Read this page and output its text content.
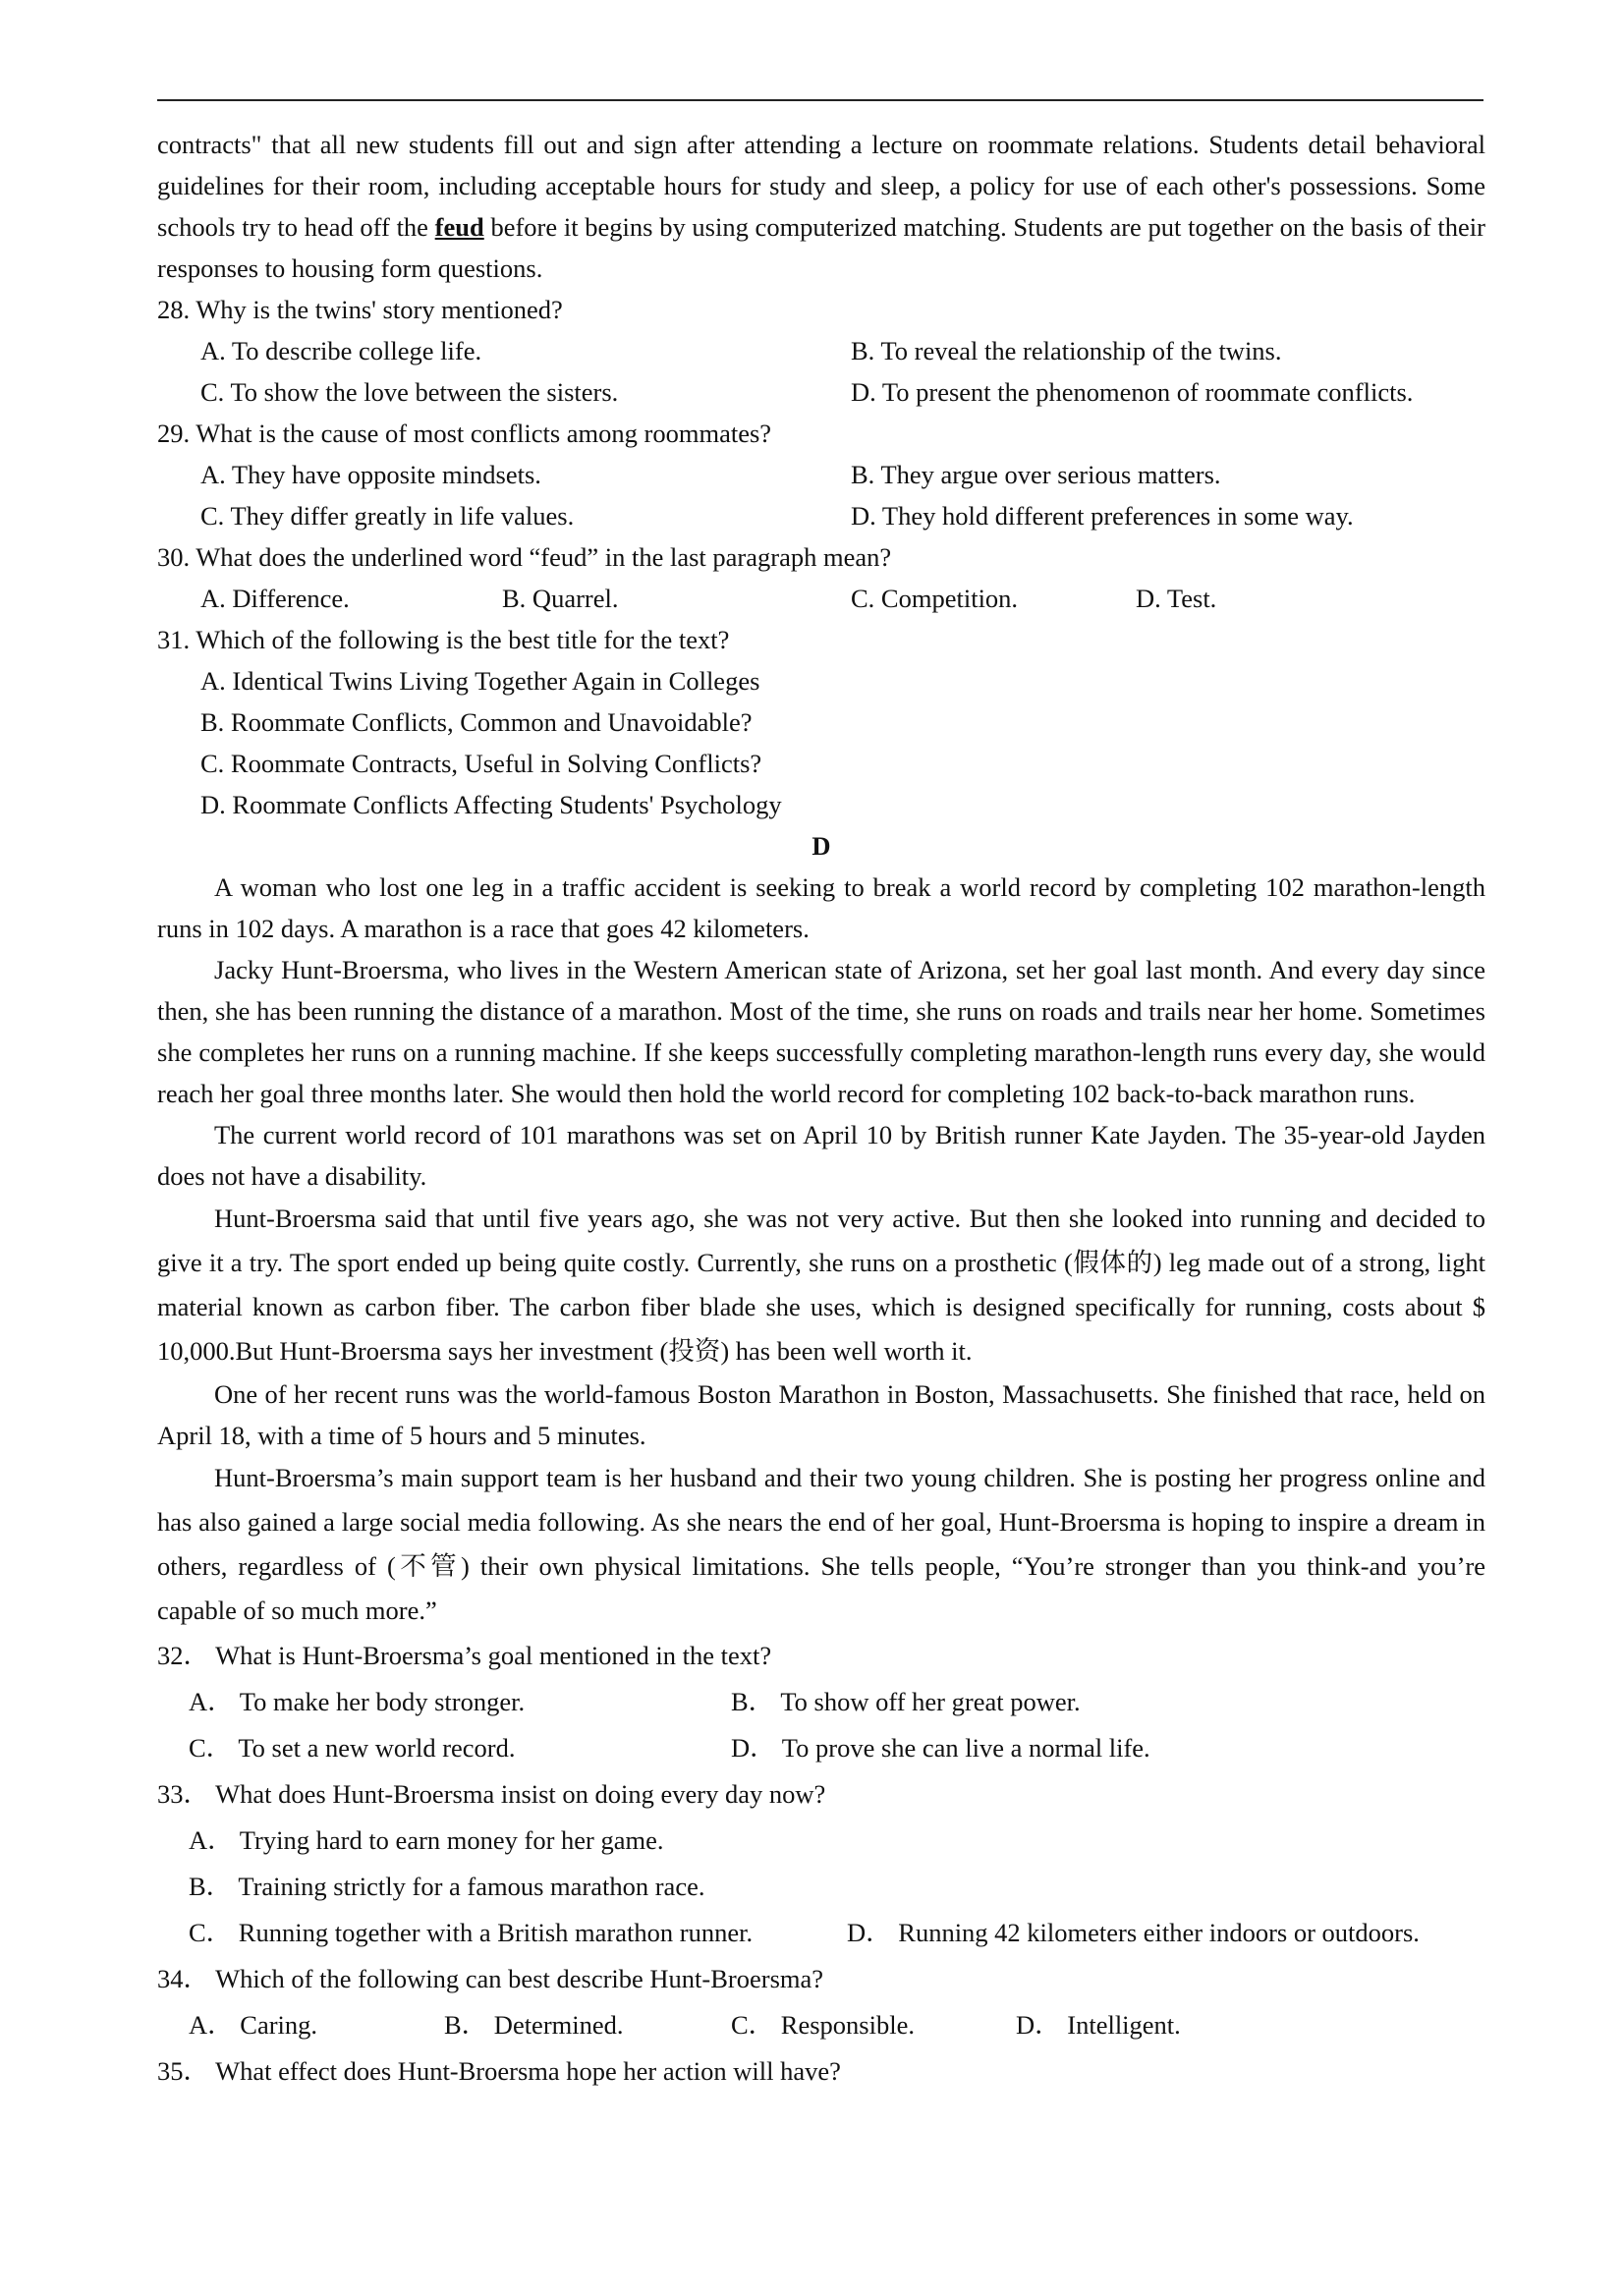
contracts" that all new students fill out and sign after attending a lecture on roommate relations. Students detail behavioral guidelines for their room, including acceptable hours for study and sleep, a policy for use of each other's possessions. Some schools try to head off the feud before it begins by using computerized matching. Students are put together on the basis of their responses to housing form questions.

28. Why is the twins' story mentioned?

A. To describe college life.	B. To reveal the relationship of the twins.
C. To show the love between the sisters.	D. To present the phenomenon of roommate conflicts.

29. What is the cause of most conflicts among roommates?

A. They have opposite mindsets.	B. They argue over serious matters.
C. They differ greatly in life values.	D. They hold different preferences in some way.

30. What does the underlined word “feud” in the last paragraph mean?

A. Difference.	B. Quarrel.	C. Competition.	D. Test.

31. Which of the following is the best title for the text?

A. Identical Twins Living Together Again in Colleges

B. Roommate Conflicts, Common and Unavoidable?

C. Roommate Contracts, Useful in Solving Conflicts?

D. Roommate Conflicts Affecting Students' Psychology

D

A woman who lost one leg in a traffic accident is seeking to break a world record by completing 102 marathon-length runs in 102 days. A marathon is a race that goes 42 kilometers.

Jacky Hunt-Broersma, who lives in the Western American state of Arizona, set her goal last month. And every day since then, she has been running the distance of a marathon. Most of the time, she runs on roads and trails near her home. Sometimes she completes her runs on a running machine. If she keeps successfully completing marathon-length runs every day, she would reach her goal three months later. She would then hold the world record for completing 102 back-to-back marathon runs.

The current world record of 101 marathons was set on April 10 by British runner Kate Jayden. The 35-year-old Jayden does not have a disability.

Hunt-Broersma said that until five years ago, she was not very active. But then she looked into running and decided to give it a try. The sport ended up being quite costly. Currently, she runs on a prosthetic (假体的) leg made out of a strong, light material known as carbon fiber. The carbon fiber blade she uses, which is designed specifically for running, costs about $ 10,000.But Hunt-Broersma says her investment (投资) has been well worth it.

One of her recent runs was the world-famous Boston Marathon in Boston, Massachusetts. She finished that race, held on April 18, with a time of 5 hours and 5 minutes.

Hunt-Broersma’s main support team is her husband and their two young children. She is posting her progress online and has also gained a large social media following. As she nears the end of her goal, Hunt-Broersma is hoping to inspire a dream in others, regardless of (不管) their own physical limitations. She tells people, “You’re stronger than you think-and you’re capable of so much more.”

32． What is Hunt-Broersma’s goal mentioned in the text?

A． To make her body stronger.	B． To show off her great power.
C． To set a new world record.	D． To prove she can live a normal life.

33． What does Hunt-Broersma insist on doing every day now?

A． Trying hard to earn money for her game.

B． Training strictly for a famous marathon race.

C． Running together with a British marathon runner.	D． Running 42 kilometers either indoors or outdoors.

34． Which of the following can best describe Hunt-Broersma?

A． Caring.	B． Determined.	C． Responsible.	D． Intelligent.

35． What effect does Hunt-Broersma hope her action will have?
